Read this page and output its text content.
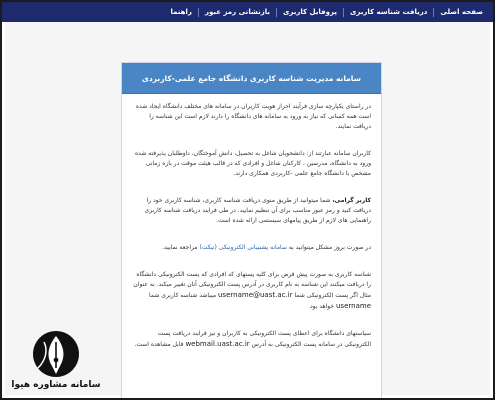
صفحه اصلی
دریافت شناسه کاربری
پروفایل کاربری
بازنشانی رمز عبور
راهنما
سامانه مدیریت شناسه کاربری دانشگاه جامع علمی-کاربردی

در راستای یکپارچه سازی فرآیند احراز هویت کاربران در سامانه های مختلف دانشگاه ایجاد شده است همه کسانی که نیاز به ورود به سامانه های دانشگاه را دارند لازم است این شناسه را دریافت نمایند.

کاربران سامانه عبارتند از: دانشجویان شاغل به تحصیل، دانش آموختگان، داوطلبان پذیرفته شده ورود به دانشگاه، مدرسین ، کارکنان شاغل و افرادی که در قالب هیئت موقت در بازه زمانی مشخص با دانشگاه جامع علمی -کاربردی همکاری دارند.

کاربر گرامی، شما میتوانید از طریق منوی دریافت شناسه کاربری، شناسه کاربری خود را دریافت کنید و رمز عبور مناسب برای آن تنظیم نمایید. در طی فرایند دریافت شناسه کاربری راهنمایی های لازم از طریق پیامهای سیستمی ارائه شده است.

در صورت بروز مشکل میتوانید به سامانه پشتیبانی الکترونیکی (تیکت) مراجعه نمایید.

شناسه کاربری به صورت پیش فرض برای کلیه پستهای که افرادی که پست الکترونیکی دانشگاه را دریافت میکنند این شناسه به نام کاربری در آدرس پست الکترونیکی آنان تغییر میکند. به عنوان مثال اگر پست الکترونیکی شما username@uast.ac.ir میباشد شناسه کاربری شما username خواهد بود

سیاستهای دانشگاه برای اعطای پست الکترونیکی به کاربران و نیز فرایند دریافت پست الکترونیکی در سامانه پست الکترونیکی به آدرس webmail.uast.ac.ir قابل مشاهده است.

سامانه مشاوره هیوا
